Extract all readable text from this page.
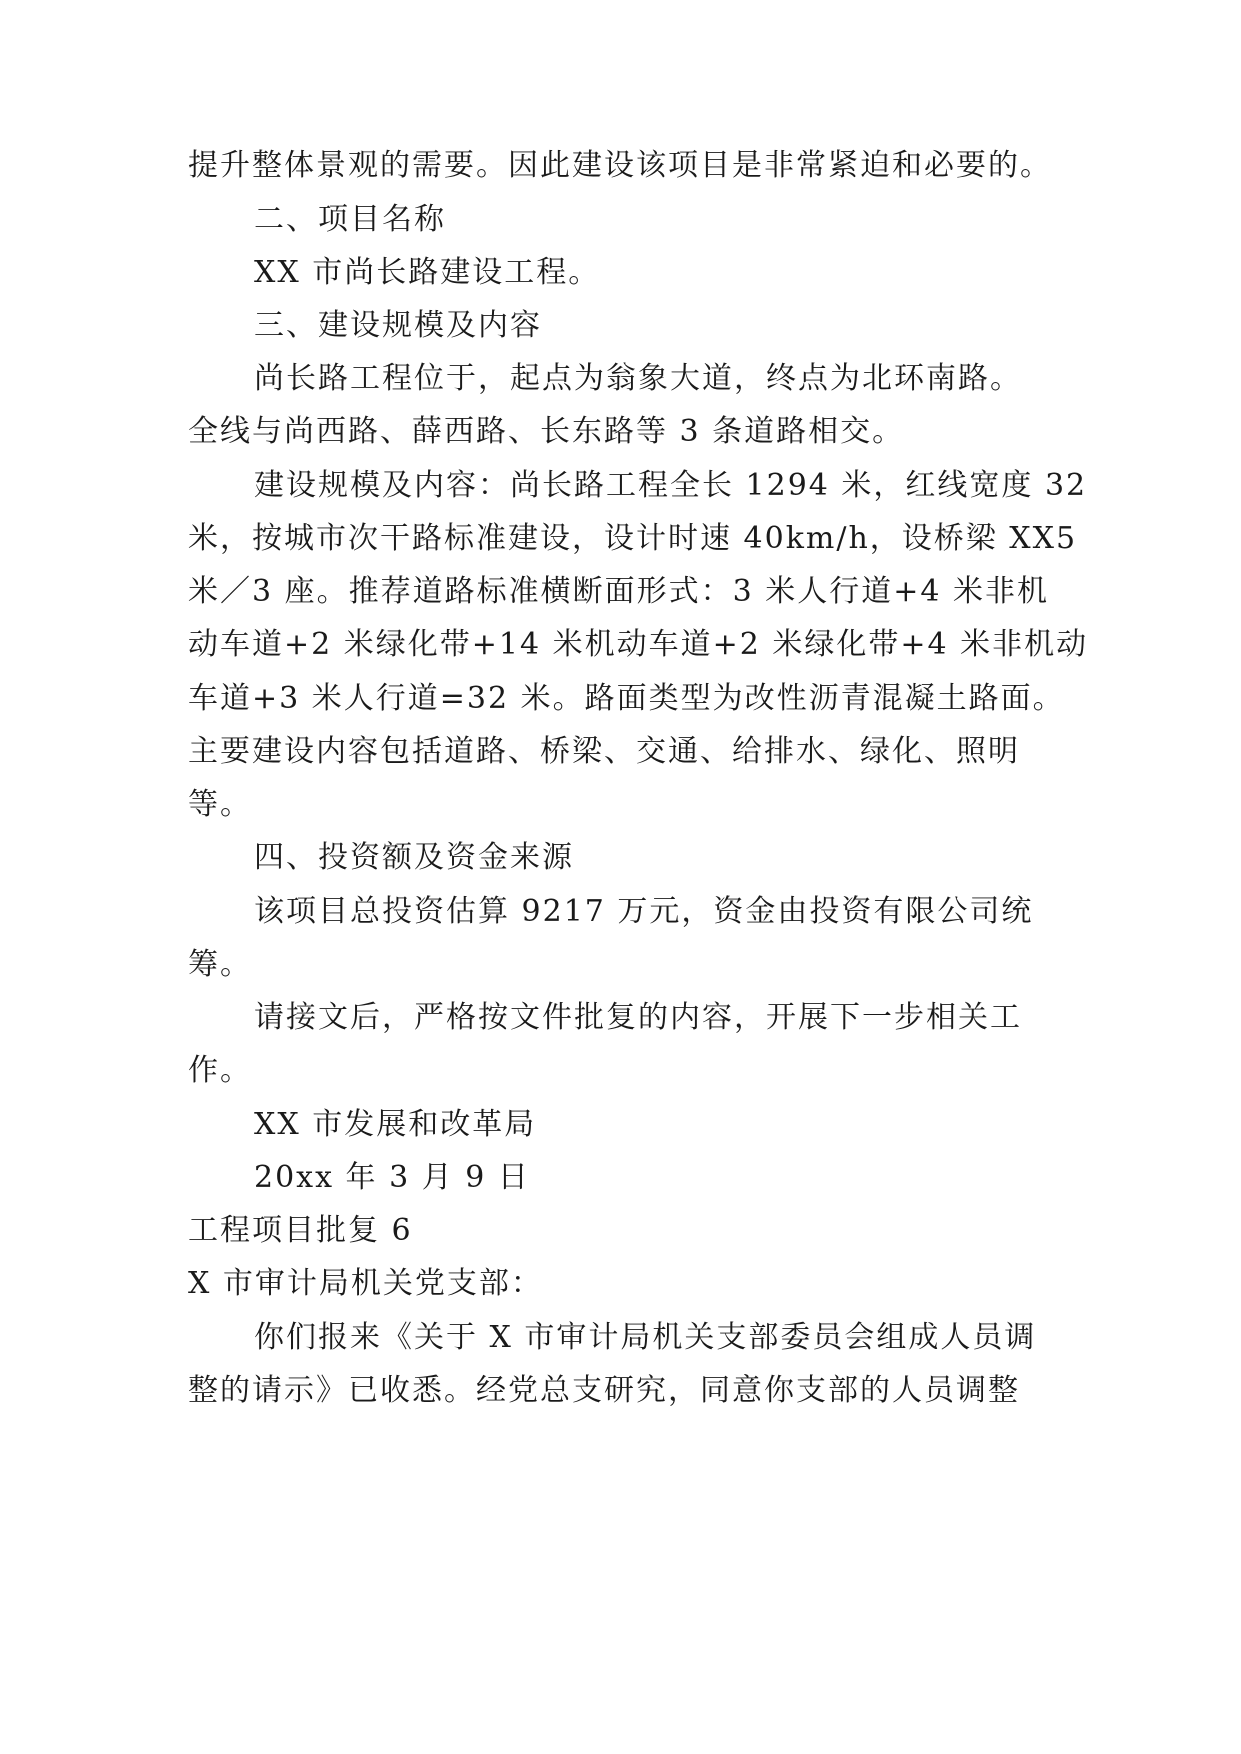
提升整体景观的需要。因此建设该项目是非常紧迫和必要的。
二、项目名称
XX 市尚长路建设工程。
三、建设规模及内容
尚长路工程位于，起点为翁象大道，终点为北环南路。
全线与尚西路、薛西路、长东路等 3 条道路相交。
建设规模及内容：尚长路工程全长 1294 米，红线宽度 32
米，按城市次干路标准建设，设计时速 40km/h，设桥梁 XX5
米／3 座。推荐道路标准横断面形式：3 米人行道+4 米非机
动车道+2 米绿化带+14 米机动车道+2 米绿化带+4 米非机动
车道+3 米人行道=32 米。路面类型为改性沥青混凝土路面。
主要建设内容包括道路、桥梁、交通、给排水、绿化、照明
等。
四、投资额及资金来源
该项目总投资估算 9217 万元，资金由投资有限公司统
筹。
请接文后，严格按文件批复的内容，开展下一步相关工
作。
XX 市发展和改革局
20xx 年 3 月 9 日
工程项目批复 6
X 市审计局机关党支部：
你们报来《关于 X 市审计局机关支部委员会组成人员调
整的请示》已收悉。经党总支研究，同意你支部的人员调整
